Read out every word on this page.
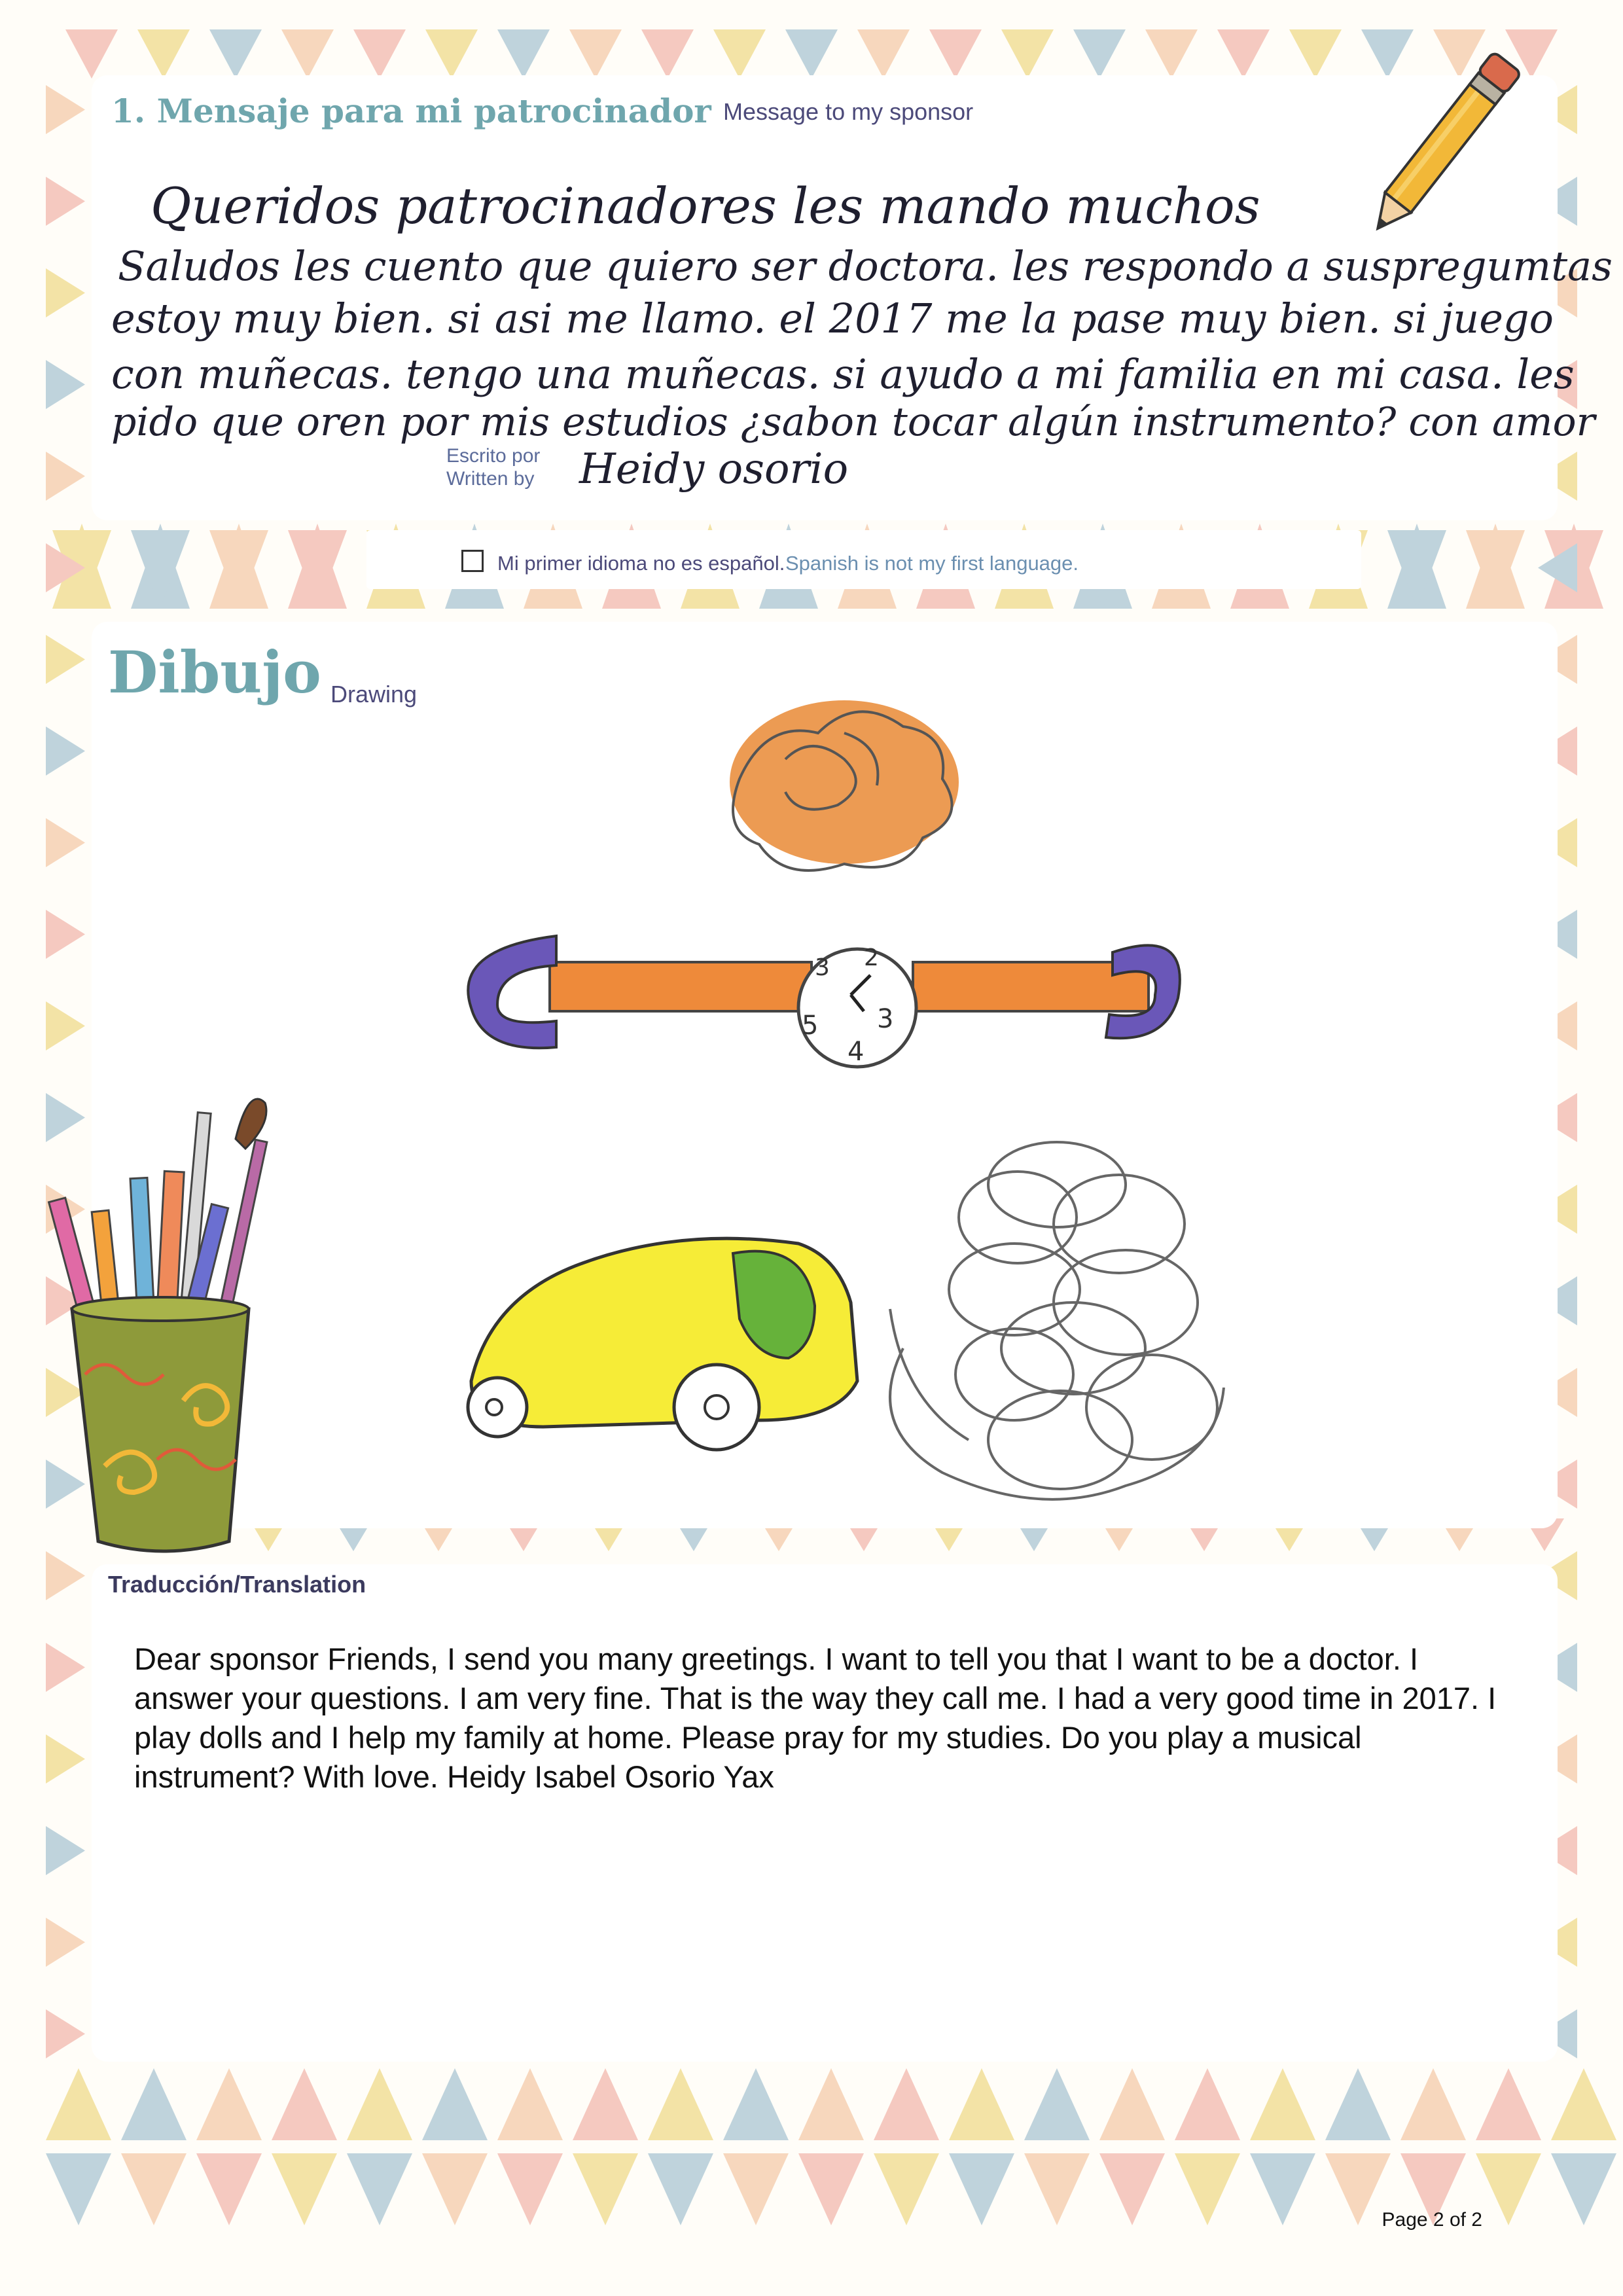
1. Mensaje para mi patrocinador Message to my sponsor
Queridos patrocinadores les mando muchos
Saludos les cuento que quiero ser doctora. les respondo a suspregumtas
estoy muy bien. si asi me llamo. el 2017 me la pase muy bien. si juego
con muñecas. tengo una muñecas. si ayudo a mi familia en mi casa. les
pido que oren por mis estudios ¿sabon tocar algún instrumento? con amor
Escrito por
Written by Heidy osorio
Mi primer idioma no es español. Spanish is not my first language.
Dibujo Drawing
3 2
5
4
3
Traducción/Translation
Dear sponsor Friends, I send you many greetings. I want to tell you that I want to be a doctor. I answer your questions. I am very fine. That is the way they call me. I had a very good time in 2017. I play dolls and I help my family at home. Please pray for my studies. Do you play a musical instrument? With love. Heidy Isabel Osorio Yax
Page 2 of 2
